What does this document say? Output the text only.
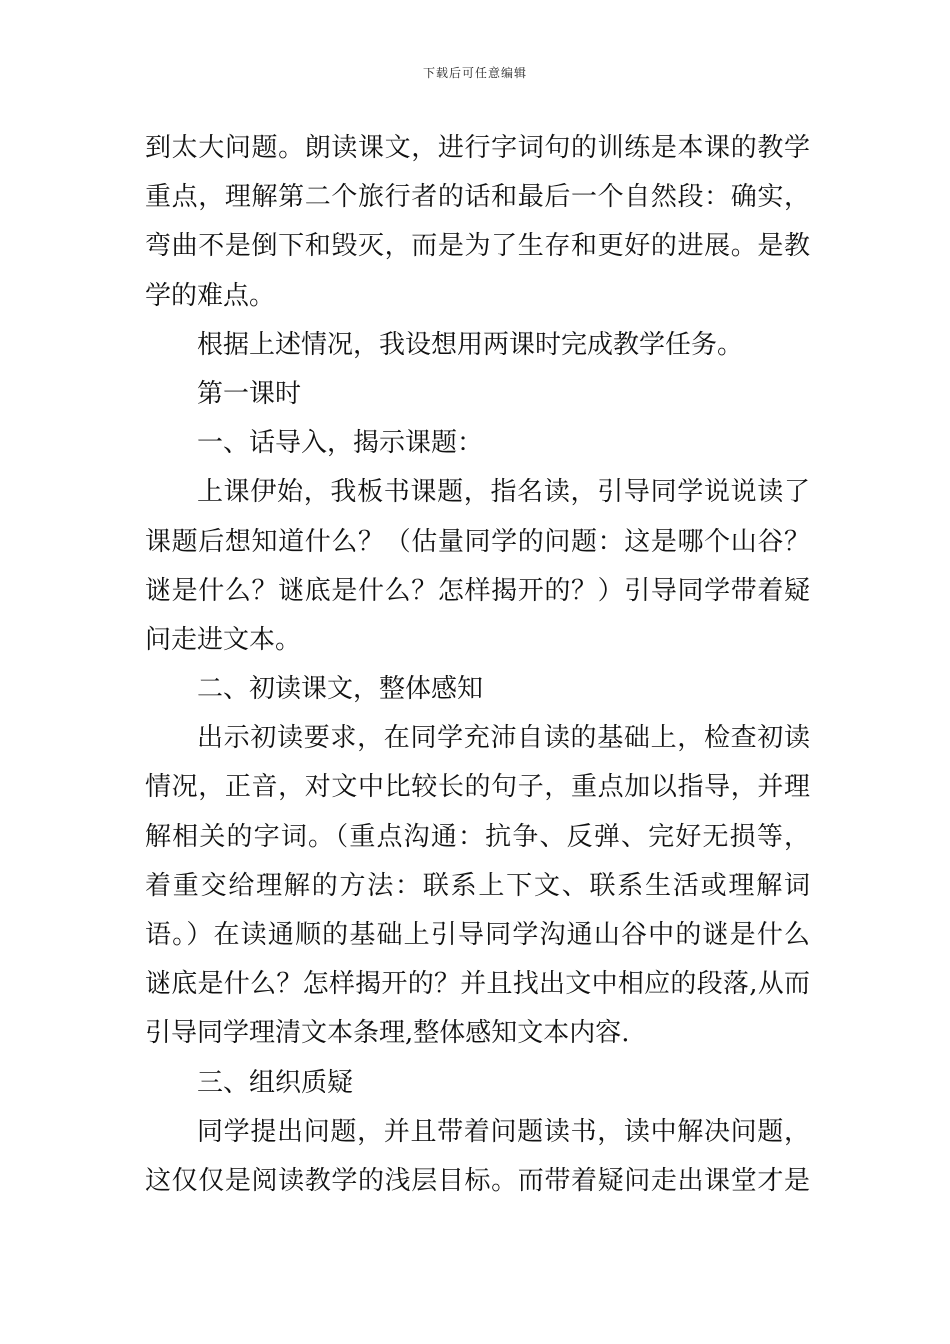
下载后可任意编辑
到太大问题。朗读课文，进行字词句的训练是本课的教学
重点，理解第二个旅行者的话和最后一个自然段：确实，
弯曲不是倒下和毁灭，而是为了生存和更好的进展。是教
学的难点。
根据上述情况，我设想用两课时完成教学任务。
第一课时
一、话导入，揭示课题：
上课伊始，我板书课题，指名读，引导同学说说读了
课题后想知道什么？（估量同学的问题：这是哪个山谷？
谜是什么？谜底是什么？怎样揭开的？）引导同学带着疑
问走进文本。
二、初读课文，整体感知
出示初读要求，在同学充沛自读的基础上，检查初读
情况，正音，对文中比较长的句子，重点加以指导，并理
解相关的字词。（重点沟通：抗争、反弹、完好无损等，
着重交给理解的方法：联系上下文、联系生活或理解词
语。）在读通顺的基础上引导同学沟通山谷中的谜是什么
谜底是什么？怎样揭开的？并且找出文中相应的段落,从而
引导同学理清文本条理,整体感知文本内容.
三、组织质疑
同学提出问题，并且带着问题读书，读中解决问题，
这仅仅是阅读教学的浅层目标。而带着疑问走出课堂才是
